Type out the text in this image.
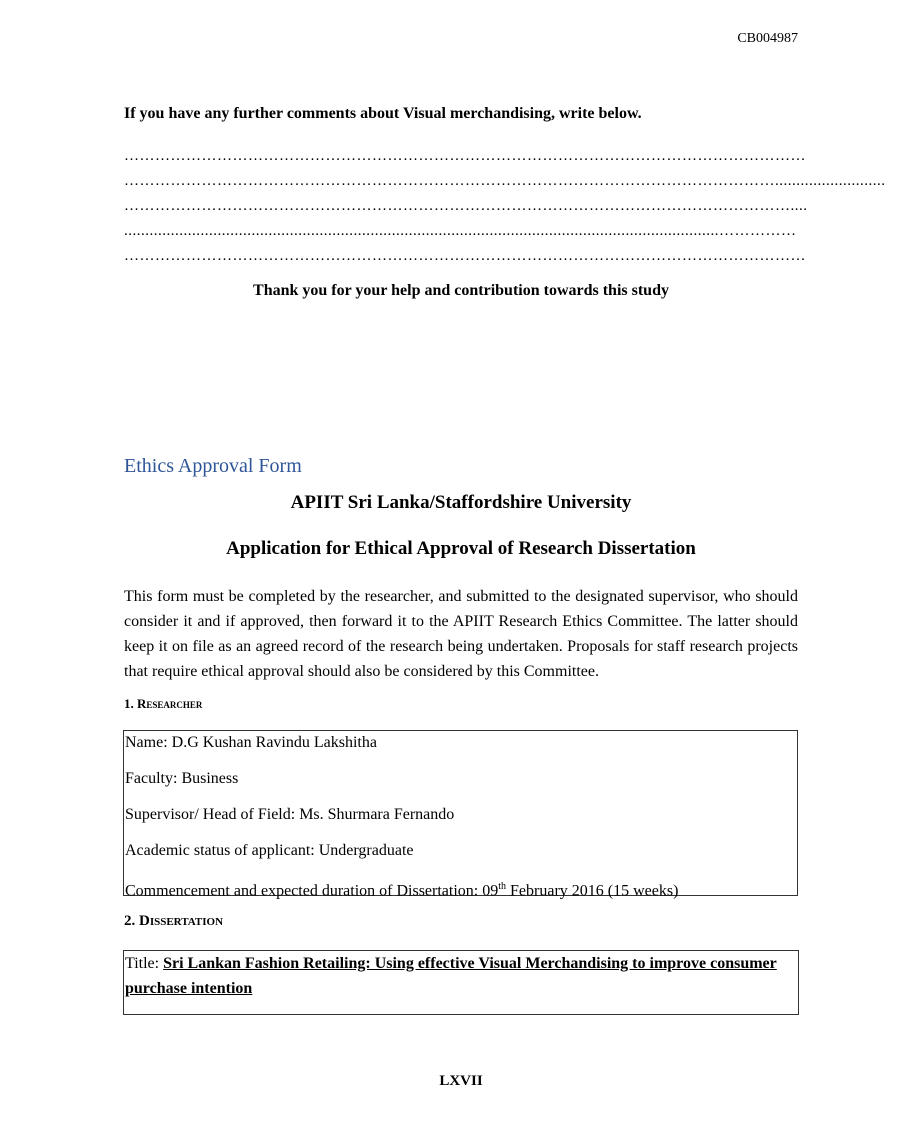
CB004987
If you have any further comments about Visual merchandising, write below.
……………………………………………………………………………………………………………………
………………………………………………………………………………………………………………..........................
…………………………………………………………………………………………………………………....
............................................................................................................................................……………
……………………………………………………………………………………………………………………
Thank you for your help and contribution towards this study
Ethics Approval Form
APIIT Sri Lanka/Staffordshire University
Application for Ethical Approval of Research Dissertation

This form must be completed by the researcher, and submitted to the designated supervisor, who should consider it and if approved, then forward it to the APIIT Research Ethics Committee. The latter should keep it on file as an agreed record of the research being undertaken. Proposals for staff research projects that require ethical approval should also be considered by this Committee.

1. Researcher
Name: D.G Kushan Ravindu Lakshitha
Faculty: Business
Supervisor/ Head of Field: Ms. Shurmara Fernando
Academic status of applicant: Undergraduate
Commencement and expected duration of Dissertation: 09th February 2016 (15 weeks)
2. Dissertation
Title: Sri Lankan Fashion Retailing: Using effective Visual Merchandising to improve consumer purchase intention
LXVII
